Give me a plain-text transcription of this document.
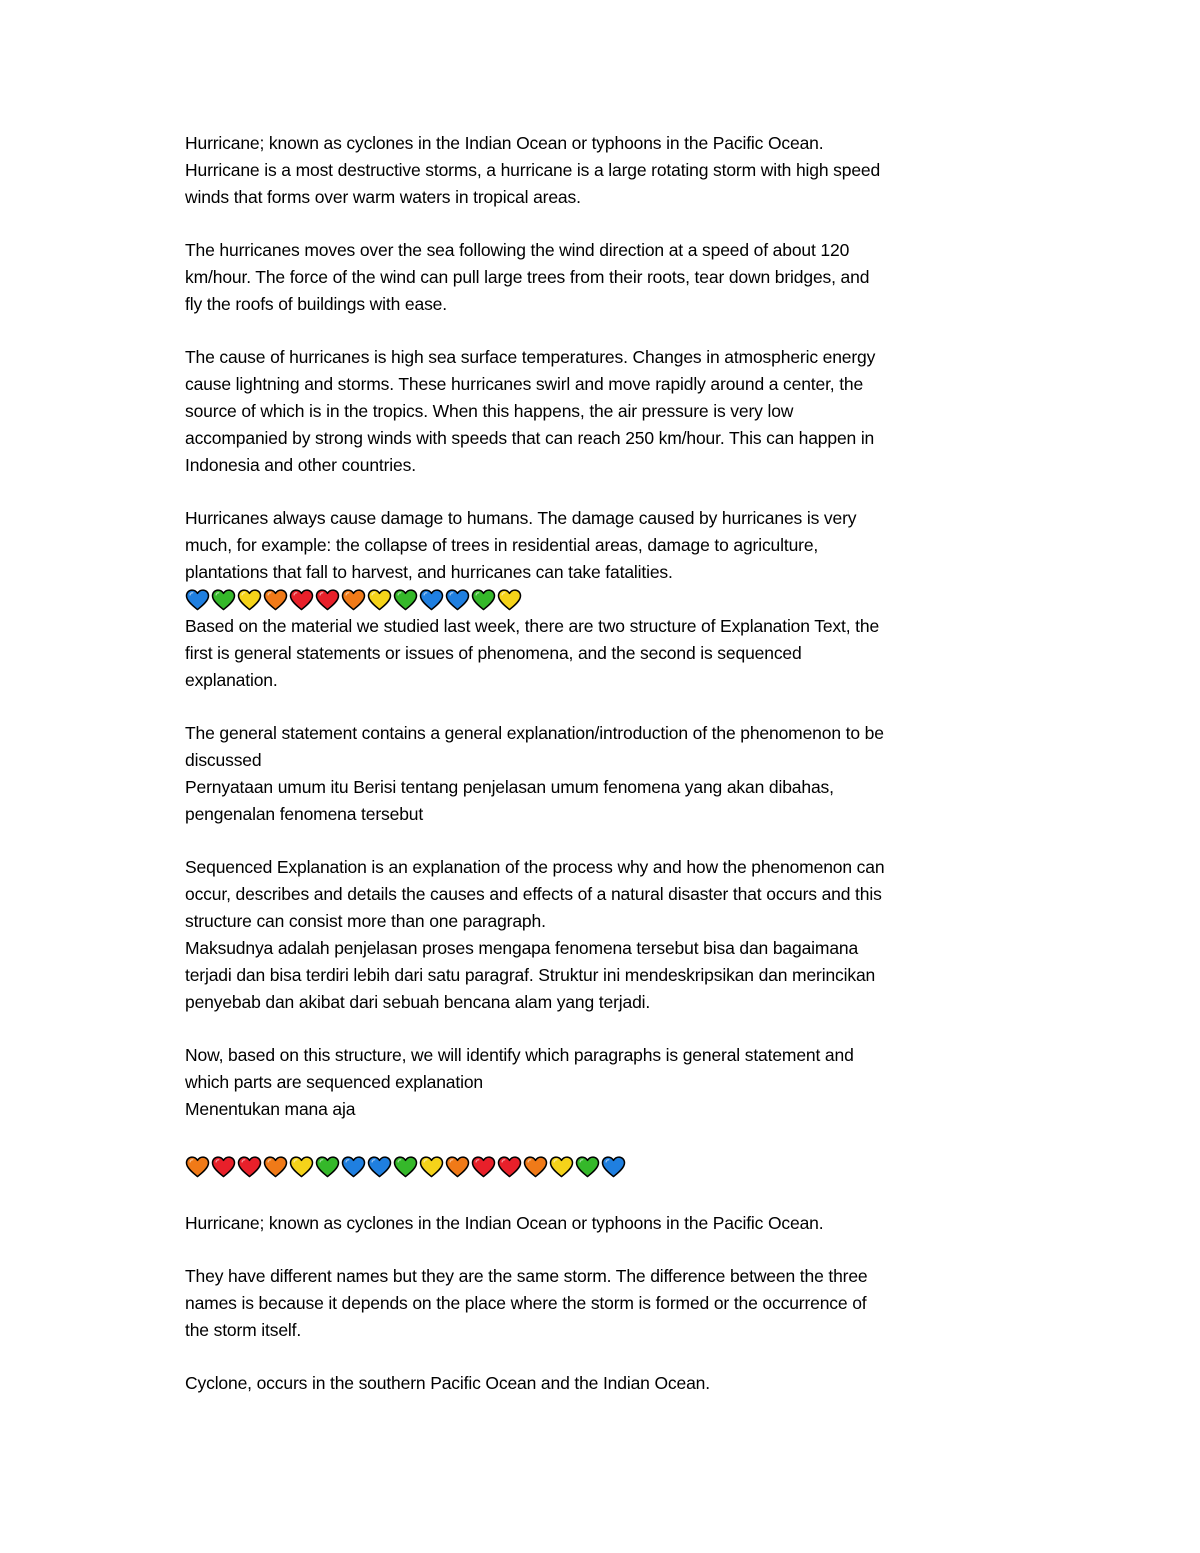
Hurricane; known as cyclones in the Indian Ocean or typhoons in the Pacific Ocean.
Hurricane is a most destructive storms, a hurricane is a large rotating storm with high speed
winds that forms over warm waters in tropical areas.
The hurricanes moves over the sea following the wind direction at a speed of about 120
km/hour. The force of the wind can pull large trees from their roots, tear down bridges, and
fly the roofs of buildings with ease.
The cause of hurricanes is high sea surface temperatures. Changes in atmospheric energy
cause lightning and storms. These hurricanes swirl and move rapidly around a center, the
source of which is in the tropics. When this happens, the air pressure is very low
accompanied by strong winds with speeds that can reach 250 km/hour. This can happen in
Indonesia and other countries.
Hurricanes always cause damage to humans. The damage caused by hurricanes is very
much, for example: the collapse of trees in residential areas, damage to agriculture,
plantations that fall to harvest, and hurricanes can take fatalities.
Based on the material we studied last week, there are two structure of Explanation Text, the
first is general statements or issues of phenomena, and the second is sequenced
explanation.
The general statement contains a general explanation/introduction of the phenomenon to be
discussed
Pernyataan umum itu Berisi tentang penjelasan umum fenomena yang akan dibahas,
pengenalan fenomena tersebut
Sequenced Explanation is an explanation of the process why and how the phenomenon can
occur, describes and details the causes and effects of a natural disaster that occurs and this
structure can consist more than one paragraph.
Maksudnya adalah penjelasan proses mengapa fenomena tersebut bisa dan bagaimana
terjadi dan bisa terdiri lebih dari satu paragraf. Struktur ini mendeskripsikan dan merincikan
penyebab dan akibat dari sebuah bencana alam yang terjadi.
Now, based on this structure, we will identify which paragraphs is general statement and
which parts are sequenced explanation
Menentukan mana aja
Hurricane; known as cyclones in the Indian Ocean or typhoons in the Pacific Ocean.
They have different names but they are the same storm. The difference between the three
names is because it depends on the place where the storm is formed or the occurrence of
the storm itself.
Cyclone, occurs in the southern Pacific Ocean and the Indian Ocean.
